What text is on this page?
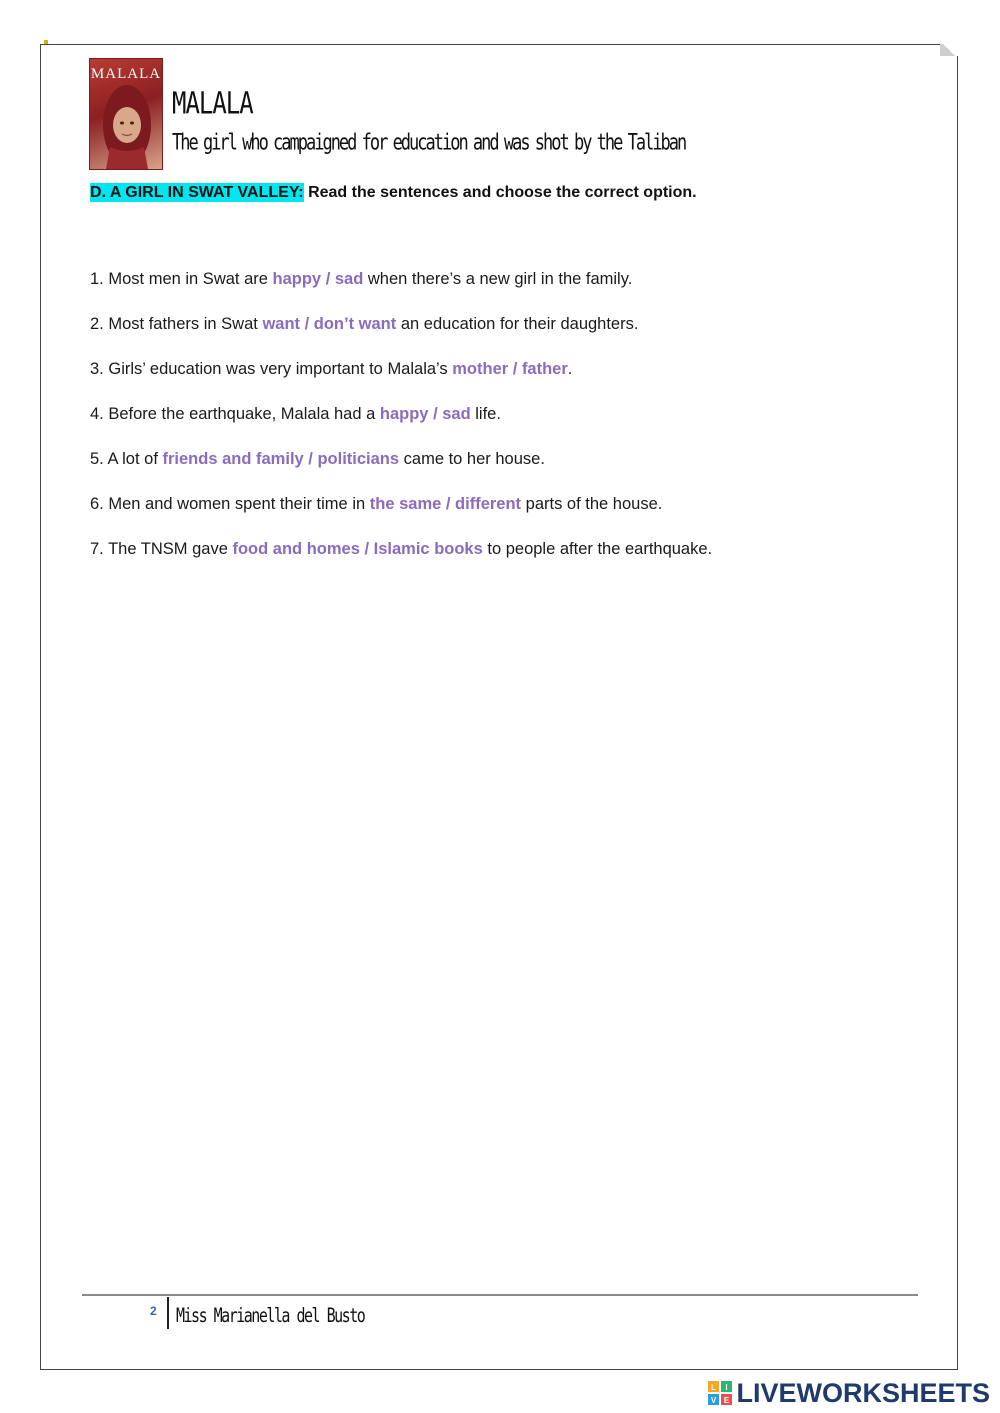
MALALA
MALALA
The girl who campaigned for education and was shot by the Taliban
D. A GIRL IN SWAT VALLEY: Read the sentences and choose the correct option.
1. Most men in Swat are happy / sad when there’s a new girl in the family.
2. Most fathers in Swat want / don’t want an education for their daughters.
3. Girls’ education was very important to Malala’s mother / father.
4. Before the earthquake, Malala had a happy / sad life.
5. A lot of friends and family / politicians came to her house.
6. Men and women spent their time in the same / different parts of the house.
7. The TNSM gave food and homes / Islamic books to people after the earthquake.
2 Miss Marianella del Busto
L I
V E LIVEWORKSHEETS
